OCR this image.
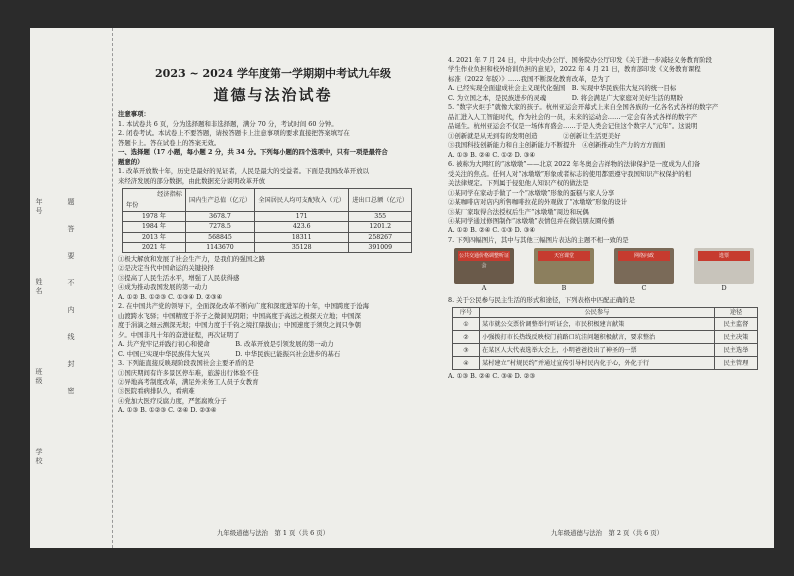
年号
姓名	题　　答　　要　　不　　内　　线　　封　　密
班级
学校
2023 ~ 2024 学年度第一学期期中考试九年级
道德与法治试卷

注意事项：

1. 本试卷共 6 页，分为选择题和非选择题，满分 70 分，考试时间 60 分钟。

2. 闭卷考试。本试卷上不要答题，请按答题卡上注意事项的要求直接把答案填写在

答题卡上。答在试卷上的答案无效。

一、选择题（17 小题，每小题 2 分，共 34 分。下列每小题的四个选项中，只有一项是最符合

题意的）

1. 改革开放数十年，历史是最好的见证者，人民是最大的受益者。下面是我国改革开放以

来经济发展的部分数据，由此数据充分说明改革开放

经济指标
年份	国内生产总值（亿元）	全国居民人均可支配收入（元）	进出口总额（亿元）
1978 年	3678.7	171	355
1984 年	7278.5	423.6	1201.2
2013 年	568845	18311	258267
2021 年	1143670	35128	391009

①极大解放和发展了社会生产力，是我们的强国之路

②是决定当代中国命运的关键抉择

③提高了人民生活水平，增强了人民获得感

④成为推动我国发展的第一动力

A. ①② B. ①②③ C. ①③④ D. ②③④

2. 在中国共产党的领导下，全面深化改革不断向广度和深度进军的十年，中国跨度于沧海

山渡跨水飞驿；中国精度于芥子之微洞见阴阳；中国高度于高远之极探天立地；中国深

度于涓滴之细云测深无垠；中国力度于千钧之境扛鼎拔山；中国速度于须臾之间只争朝

夕。中国非凡十年的奋进征程，再次证明了

A. 共产党牢记并践行初心和使命　　　　B. 改革开放是引领发展的第一动力

C. 中国已实现中华民族伟大复兴　　　　D. 中华民族已能振兴社会进步的基石

3. 下列能直接反映现阶段我国社会主要矛盾的是

①国庆期间有许多景区停车难，旅游出行体验不佳

②异地高考制度改革，满足外来务工人员子女教育

③医院看病排队久，看病难

④党加大医疗反腐力度，严惩腐败分子

A. ①③ B. ①②③ C. ②④ D. ②③④

九年级道德与法治　第 1 页（共 6 页）

4. 2021 年 7 月 24 日，中共中央办公厅、国务院办公厅印发《关于进一步减轻义务教育阶段

学生作业负担和校外培训负担的意见》，2022 年 4 月 21 日，教育部印发《义务教育课程

标准（2022 年版）》……我国不断深化教育改革，是为了

A. 已经实现全面建成社会主义现代化强国　B. 实现中华民族伟大复兴的统一目标

C. 为立国之本，是民族进步的灵魂　　　　D. 将会满足广大家庭对美好生活的期盼

5. “数字火炬手”就像大家的孩子。杭州亚运会开幕式上来自全国各族的一亿各名式各样的数字产

品汇进入人工智能时代，作为社会的一员，未来的运动会……一定会有各式各样的数字产

品诞生。杭州亚运会不仅是一场体育盛会……于是人类会记住这个数字人“元年”。这说明

①创新就是从无到有的发明创造　　　　②创新让生活更美好

③我国科技创新能力和自主创新能力不断提升　④创新推动生产力的方方面面

A. ①③ B. ②④ C. ①② D. ③④

6. 被称为大网红的“冰墩墩”——北京 2022 年冬奥会吉祥物的法律保护是一度成为人们备

受关注的焦点。任何人对“冰墩墩”形象或者标志的使用都需遵守我国知识产权保护的相

关法律规定。下列属于侵犯他人知识产权的做法是

①某同学在家动手做了一个“冰墩墩”形象的蛋糕与家人分享

②某咖啡店对店内所售咖啡拉花的外观做了“冰墩墩”形象的设计

③某厂家取得合法授权后生产“冰墩墩”周边和玩偶

④某同学通过修图制作“冰墩墩”表情包并在微信朋友圈传播

A. ①② B. ②④ C. ①③ D. ③④

7. 下列四幅图片，其中与其他三幅图片表达的主题不相一致的是

公共交通价格调整听证会
A
天宫课堂
B
网络问政
C
选票
D

8. 关于公民参与民主生活的形式和途径，下列表格中匹配正确的是

序号	公民参与	途径
①	某市就公交票价调整举行听证会，市民积极建言献策	民主监督
②	小强拨打市长热线反映校门前路口坑洼问题积极献言，要求整治	民主决策
③	在某区人大代表选举大会上，小明爸爸投出了神圣的一票	民主选举
④	某村建立“村规民约”并通过宣传引导村民内化于心，外化于行	民主管理

A. ①③ B. ②④ C. ③④ D. ②③

九年级道德与法治　第 2 页（共 6 页）
